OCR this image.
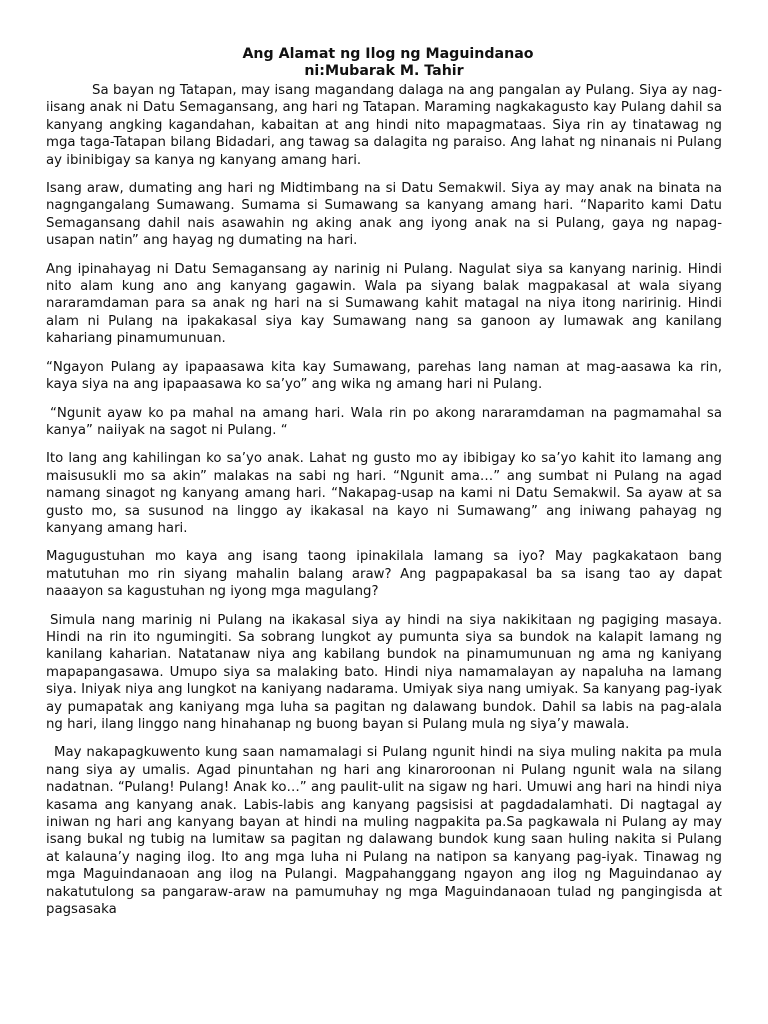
Ang Alamat ng Ilog ng Maguindanao
ni:Mubarak M. Tahir

Sa bayan ng Tatapan, may isang magandang dalaga na ang pangalan ay Pulang. Siya ay nag-iisang anak ni Datu Semagansang, ang hari ng Tatapan. Maraming nagkakagusto kay Pulang dahil sa kanyang angking kagandahan, kabaitan at ang hindi nito mapagmataas. Siya rin ay tinatawag ng mga taga-Tatapan bilang Bidadari, ang tawag sa dalagita ng paraiso. Ang lahat ng ninanais ni Pulang ay ibinibigay sa kanya ng kanyang amang hari.

Isang araw, dumating ang hari ng Midtimbang na si Datu Semakwil. Siya ay may anak na binata na nagngangalang Sumawang. Sumama si Sumawang sa kanyang amang hari. “Naparito kami Datu Semagansang dahil nais asawahin ng aking anak ang iyong anak na si Pulang, gaya ng napag-usapan natin” ang hayag ng dumating na hari.

Ang ipinahayag ni Datu Semagansang ay narinig ni Pulang. Nagulat siya sa kanyang narinig. Hindi nito alam kung ano ang kanyang gagawin. Wala pa siyang balak magpakasal at wala siyang nararamdaman para sa anak ng hari na si Sumawang kahit matagal na niya itong naririnig. Hindi alam ni Pulang na ipakakasal siya kay Sumawang nang sa ganoon ay lumawak ang kanilang kahariang pinamumunuan.

“Ngayon Pulang ay ipapaasawa kita kay Sumawang, parehas lang naman at mag-aasawa ka rin, kaya siya na ang ipapaasawa ko sa’yo” ang wika ng amang hari ni Pulang.

“Ngunit ayaw ko pa mahal na amang hari. Wala rin po akong nararamdaman na pagmamahal sa kanya” naiiyak na sagot ni Pulang. “

Ito lang ang kahilingan ko sa’yo anak. Lahat ng gusto mo ay ibibigay ko sa’yo kahit ito lamang ang maisusukli mo sa akin” malakas na sabi ng hari. “Ngunit ama…” ang sumbat ni Pulang na agad namang sinagot ng kanyang amang hari. “Nakapag-usap na kami ni Datu Semakwil. Sa ayaw at sa gusto mo, sa susunod na linggo ay ikakasal na kayo ni Sumawang” ang iniwang pahayag ng kanyang amang hari.

Magugustuhan mo kaya ang isang taong ipinakilala lamang sa iyo? May pagkakataon bang matutuhan mo rin siyang mahalin balang araw? Ang pagpapakasal ba sa isang tao ay dapat naaayon sa kagustuhan ng iyong mga magulang?

Simula nang marinig ni Pulang na ikakasal siya ay hindi na siya nakikitaan ng pagiging masaya. Hindi na rin ito ngumingiti. Sa sobrang lungkot ay pumunta siya sa bundok na kalapit lamang ng kanilang kaharian. Natatanaw niya ang kabilang bundok na pinamumunuan ng ama ng kaniyang mapapangasawa. Umupo siya sa malaking bato. Hindi niya namamalayan ay napaluha na lamang siya. Iniyak niya ang lungkot na kaniyang nadarama. Umiyak siya nang umiyak. Sa kanyang pag-iyak ay pumapatak ang kaniyang mga luha sa pagitan ng dalawang bundok. Dahil sa labis na pag-alala ng hari, ilang linggo nang hinahanap ng buong bayan si Pulang mula ng siya’y mawala.

May nakapagkuwento kung saan namamalagi si Pulang ngunit hindi na siya muling nakita pa mula nang siya ay umalis. Agad pinuntahan ng hari ang kinaroroonan ni Pulang ngunit wala na silang nadatnan. “Pulang! Pulang! Anak ko…” ang paulit-ulit na sigaw ng hari. Umuwi ang hari na hindi niya kasama ang kanyang anak. Labis-labis ang kanyang pagsisisi at pagdadalamhati. Di nagtagal ay iniwan ng hari ang kanyang bayan at hindi na muling nagpakita pa.Sa pagkawala ni Pulang ay may isang bukal ng tubig na lumitaw sa pagitan ng dalawang bundok kung saan huling nakita si Pulang at kalauna’y naging ilog. Ito ang mga luha ni Pulang na natipon sa kanyang pag-iyak. Tinawag ng mga Maguindanaoan ang ilog na Pulangi. Magpahanggang ngayon ang ilog ng Maguindanao ay nakatutulong sa pangaraw-araw na pamumuhay ng mga Maguindanaoan tulad ng pangingisda at pagsasaka
